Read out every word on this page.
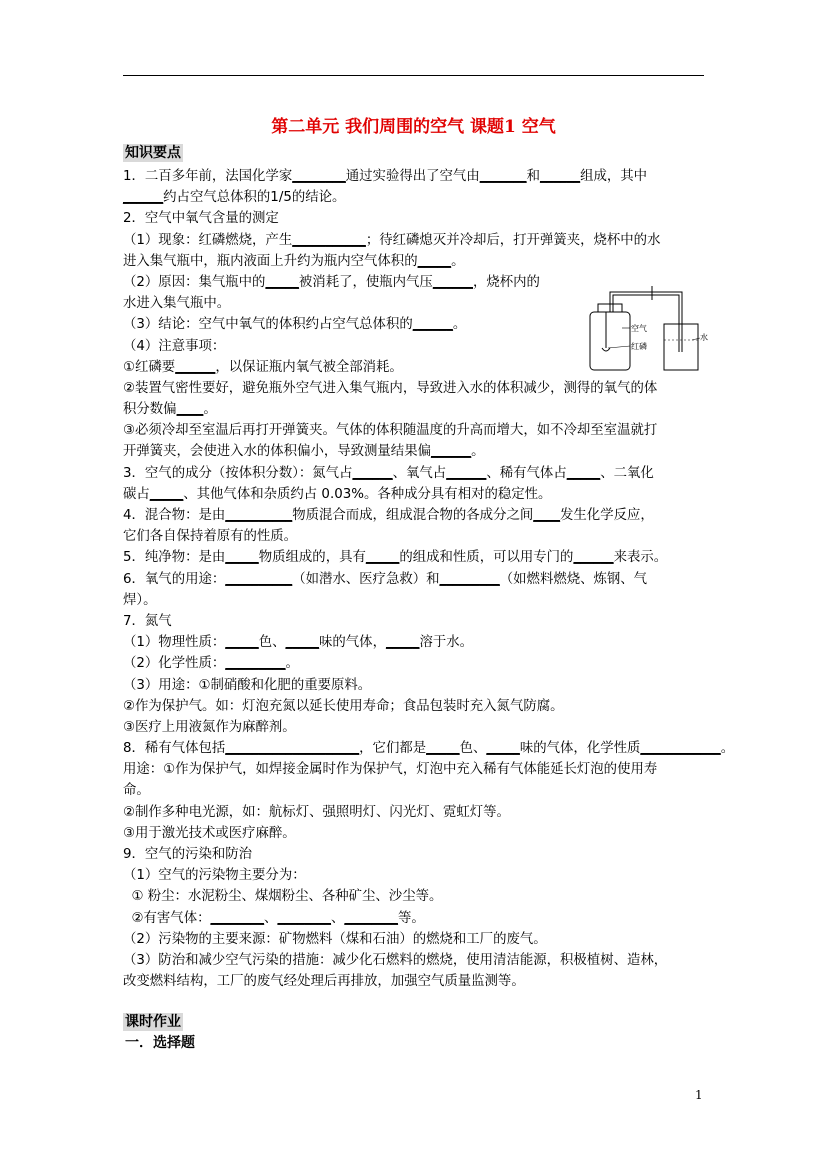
第二单元 我们周围的空气 课题1 空气
知识要点
1．二百多年前，法国化学家________通过实验得出了空气由_______和______组成，其中
______约占空气总体积的1/5的结论。
2．空气中氧气含量的测定
（1）现象：红磷燃烧，产生___________；待红磷熄灭并冷却后，打开弹簧夹，烧杯中的水
进入集气瓶中，瓶内液面上升约为瓶内空气体积的_____。
（2）原因：集气瓶中的_____被消耗了，使瓶内气压______，烧杯内的
水进入集气瓶中。
（3）结论：空气中氧气的体积约占空气总体积的______。
（4）注意事项：
①红磷要______，以保证瓶内氧气被全部消耗。
②装置气密性要好，避免瓶外空气进入集气瓶内，导致进入水的体积减少，测得的氧气的体
积分数偏____。
③必须冷却至室温后再打开弹簧夹。气体的体积随温度的升高而增大，如不冷却至室温就打
开弹簧夹，会使进入水的体积偏小，导致测量结果偏______。
3．空气的成分（按体积分数）：氮气占______、氧气占______、稀有气体占_____、二氧化
碳占_____、其他气体和杂质约占 0.03%。各种成分具有相对的稳定性。
4．混合物：是由__________物质混合而成，组成混合物的各成分之间____发生化学反应，
它们各自保持着原有的性质。
5．纯净物：是由_____物质组成的，具有_____的组成和性质，可以用专门的______来表示。
6．氧气的用途：__________（如潜水、医疗急救）和_________（如燃料燃烧、炼钢、气
焊）。
7．氮气
（1）物理性质：_____色、_____味的气体，_____溶于水。
（2）化学性质：_________。
（3）用途：①制硝酸和化肥的重要原料。
②作为保护气。如：灯泡充氮以延长使用寿命；食品包装时充入氮气防腐。
③医疗上用液氮作为麻醉剂。
8．稀有气体包括____________________，它们都是_____色、_____味的气体，化学性质____________。
用途：①作为保护气，如焊接金属时作为保护气，灯泡中充入稀有气体能延长灯泡的使用寿
命。
②制作多种电光源，如：航标灯、强照明灯、闪光灯、霓虹灯等。
③用于激光技术或医疗麻醉。
9．空气的污染和防治
（1）空气的污染物主要分为：
① 粉尘：水泥粉尘、煤烟粉尘、各种矿尘、沙尘等。
②有害气体：________、________、________等。
（2）污染物的主要来源：矿物燃料（煤和石油）的燃烧和工厂的废气。
（3）防治和减少空气污染的措施：减少化石燃料的燃烧，使用清洁能源，积极植树、造林，
改变燃料结构，工厂的废气经处理后再排放，加强空气质量监测等。
空气
红磷
水
课时作业
一．选择题
1
